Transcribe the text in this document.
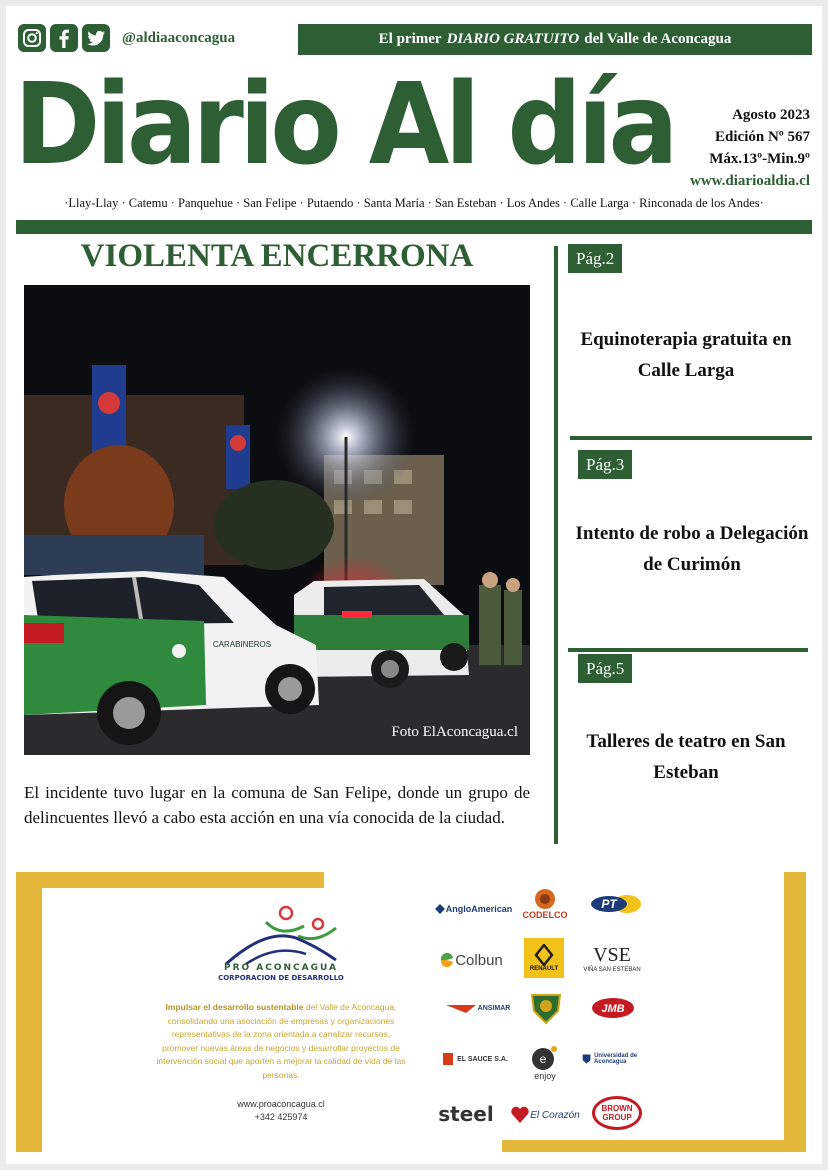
@aldiaaconcagua	El primer DIARIO GRATUITO del Valle de Aconcagua
Diario Al día	Agosto 2023
Edición Nº 567
Máx.13º-Min.9º
www.diarioaldia.cl
·Llay-Llay · Catemu · Panquehue · San Felipe · Putaendo · Santa María · San Esteban · Los Andes · Calle Larga · Rinconada de los Andes·
VIOLENTA ENCERRONA
CARABINEROS
Foto ElAconcagua.cl

El incidente tuvo lugar en la comuna de San Felipe, donde un grupo de delincuentes llevó a cabo esta acción en una vía conocida de la ciudad.

Pág.2
Equinoterapia gratuita en Calle Larga
Pág.3
Intento de robo a Delegación de Curimón
Pág.5
Talleres de teatro en San Esteban
PRO ACONCAGUA
CORPORACION DE DESARROLLO
Impulsar el desarrollo sustentable del Valle de Aconcagua, consolidando una asociación de empresas y organizaciones representativas de la zona orientada a canalizar recursos, promover nuevas áreas de negocios y desarrollar proyectos de intervención social que aporten a mejorar la calidad de vida de las personas.
www.proaconcagua.cl
+342 425974
AngloAmerican
CODELCO
PT
Colbun
RENAULT
VSE
VIÑA SAN ESTEBAN
ANSIMAR	JMB
EL SAUCE S.A.	e
enjoy
Universidad de Aconcagua
steel	El Corazón
BROWN GROUP
